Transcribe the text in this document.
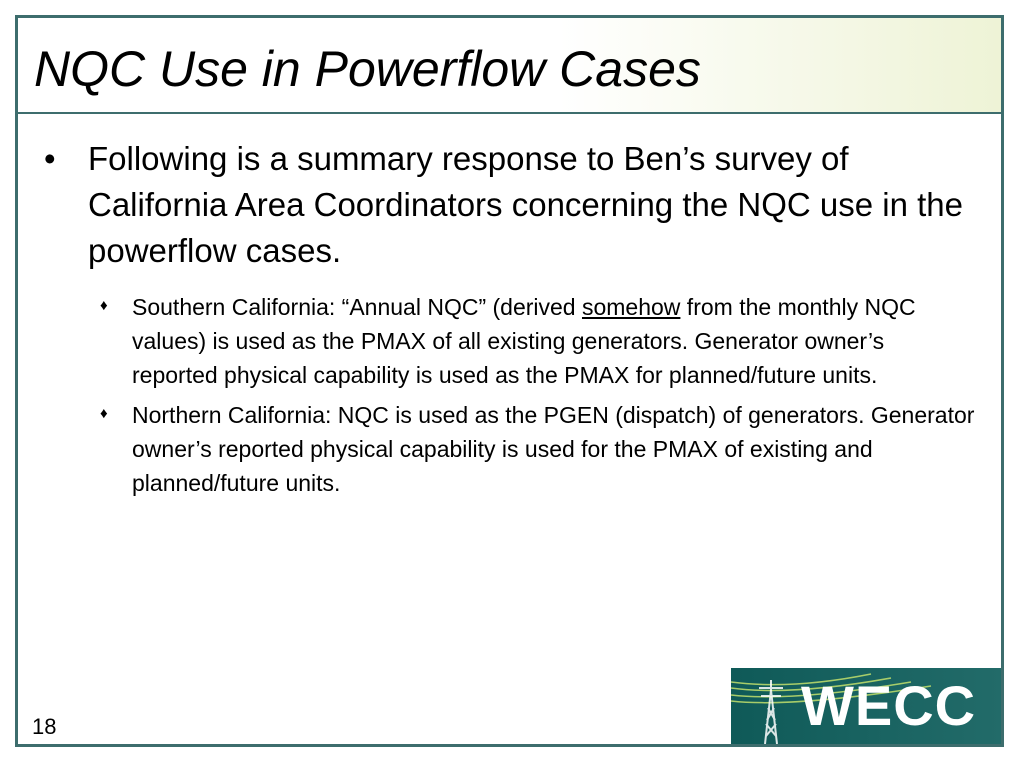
NQC Use in Powerflow Cases
• Following is a summary response to Ben’s survey of California Area Coordinators concerning the NQC use in the powerflow cases.
♦ Southern California: “Annual NQC” (derived somehow from the monthly NQC values) is used as the PMAX of all existing generators. Generator owner’s reported physical capability is used as the PMAX for planned/future units.
♦ Northern California: NQC is used as the PGEN (dispatch) of generators. Generator owner’s reported physical capability is used for the PMAX of existing and planned/future units.
18	WECC
